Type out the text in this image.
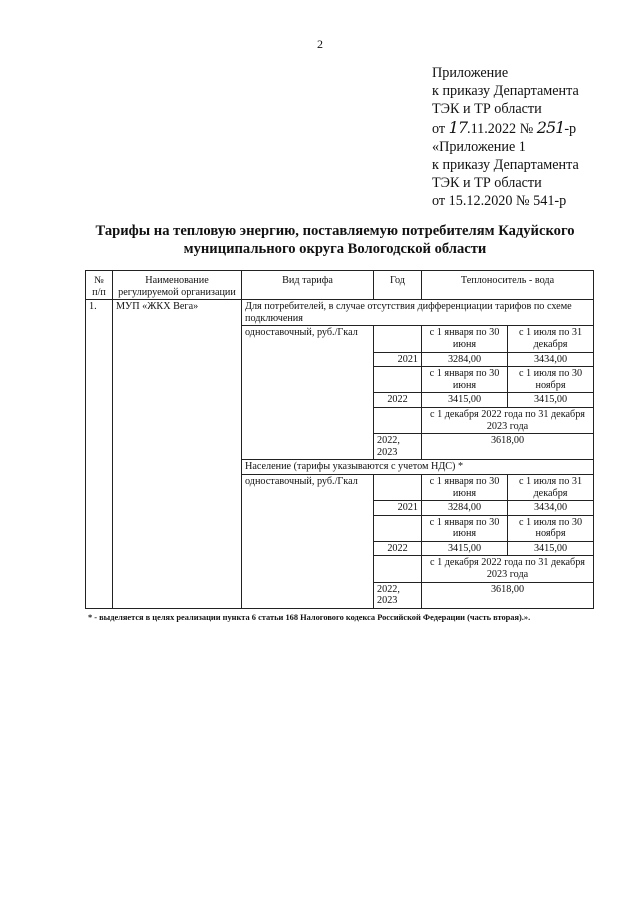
2
Приложение
к приказу Департамента
ТЭК и ТР области
от 17.11.2022 № 251-р
«Приложение 1
к приказу Департамента
ТЭК и ТР области
от 15.12.2020 № 541-р
Тарифы на тепловую энергию, поставляемую потребителям Кадуйского
муниципального округа Вологодской области
№ п/п	Наименование регулируемой организации	Вид тарифа	Год	Теплоноситель - вода	
1.	МУП «ЖКХ Вега»	Для потребителей, в случае отсутствия дифференциации тарифов по схеме подключения			
		одноставочный, руб./Гкал		с 1 января по 30 июня	с 1 июля по 31 декабря
			2021	3284,00	3434,00
				с 1 января по 30 июня	с 1 июля по 30 ноября
			2022	3415,00	3415,00
				с 1 декабря 2022 года по 31 декабря 2023 года	
			2022, 2023	3618,00	

		Население (тарифы указываются с учетом НДС) *			
		одноставочный, руб./Гкал		с 1 января по 30 июня	с 1 июля по 31 декабря
			2021	3284,00	3434,00
				с 1 января по 30 июня	с 1 июля по 30 ноября
			2022	3415,00	3415,00
				с 1 декабря 2022 года по 31 декабря 2023 года	
			2022, 2023	3618,00	

* - выделяется в целях реализации пункта 6 статьи 168 Налогового кодекса Российской Федерации (часть вторая).».
